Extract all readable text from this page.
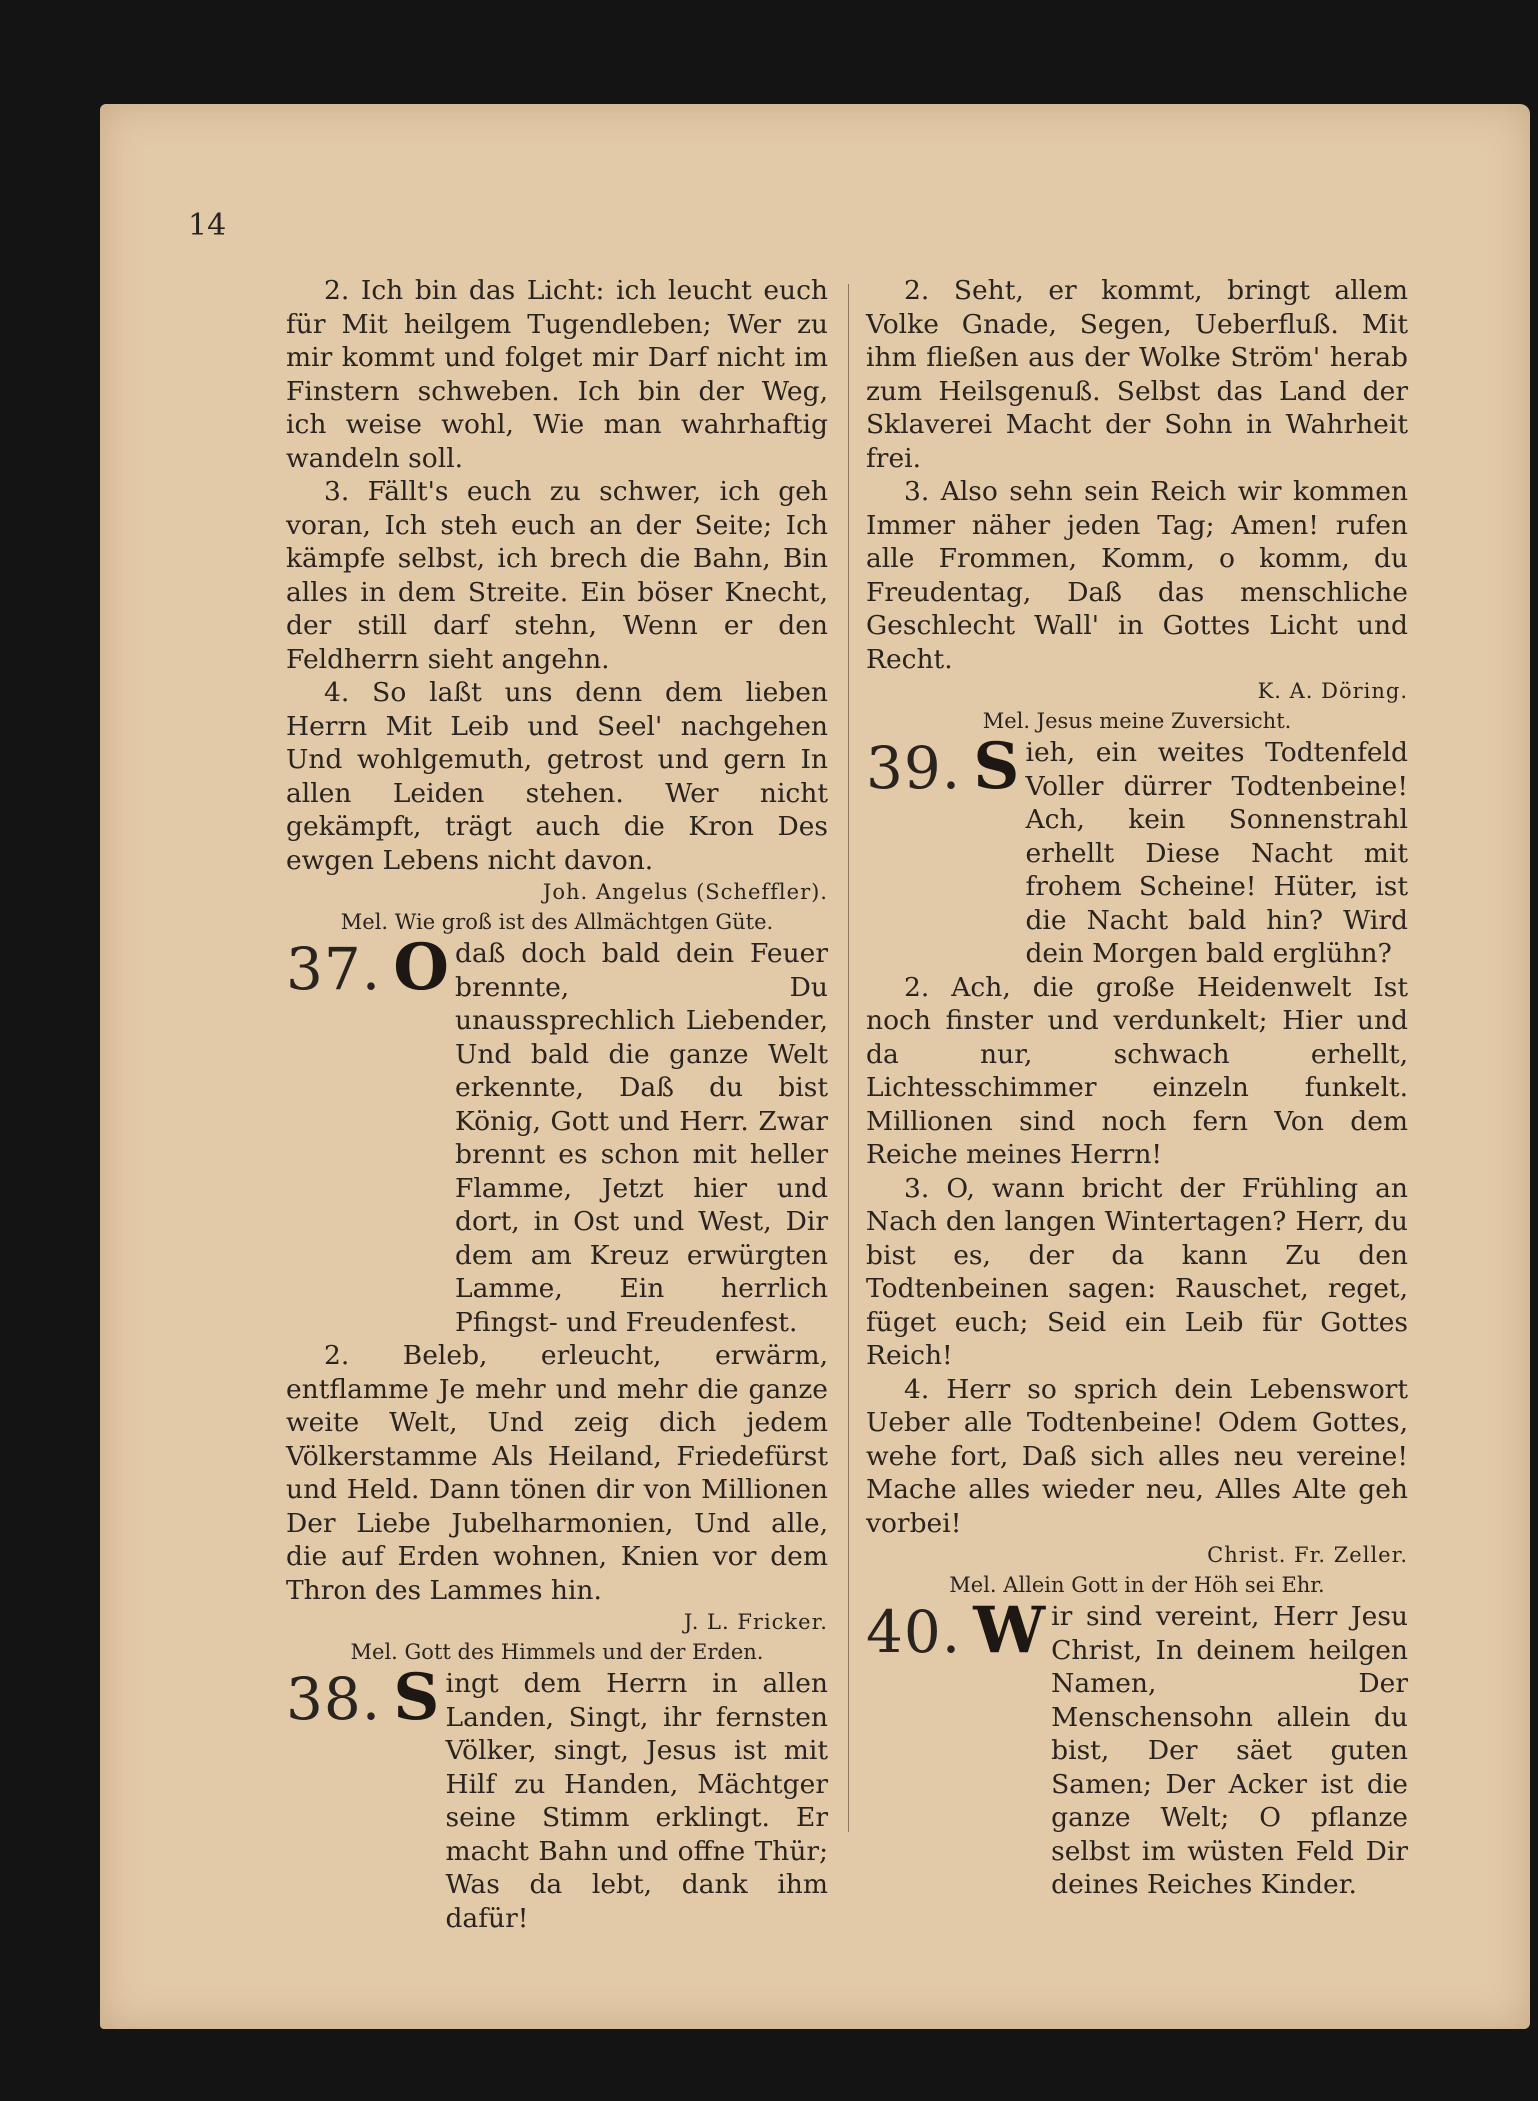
14

2. Ich bin das Licht: ich leucht euch für Mit heilgem Tugendleben; Wer zu mir kommt und folget mir Darf nicht im Finstern schweben. Ich bin der Weg, ich weise wohl, Wie man wahrhaftig wandeln soll.

3. Fällt's euch zu schwer, ich geh voran, Ich steh euch an der Seite; Ich kämpfe selbst, ich brech die Bahn, Bin alles in dem Streite. Ein böser Knecht, der still darf stehn, Wenn er den Feldherrn sieht angehn.

4. So laßt uns denn dem lieben Herrn Mit Leib und Seel' nachgehen Und wohlgemuth, getrost und gern In allen Leiden stehen. Wer nicht gekämpft, trägt auch die Kron Des ewgen Lebens nicht davon.

Joh. Angelus (Scheffler).

Mel. Wie groß ist des Allmächtgen Güte.

37. O daß doch bald dein Feuer brennte, Du unaussprechlich Liebender, Und bald die ganze Welt erkennte, Daß du bist König, Gott und Herr. Zwar brennt es schon mit heller Flamme, Jetzt hier und dort, in Ost und West, Dir dem am Kreuz erwürgten Lamme, Ein herrlich Pfingst- und Freudenfest.

2. Beleb, erleucht, erwärm, entflamme Je mehr und mehr die ganze weite Welt, Und zeig dich jedem Völkerstamme Als Heiland, Friedefürst und Held. Dann tönen dir von Millionen Der Liebe Jubelharmonien, Und alle, die auf Erden wohnen, Knien vor dem Thron des Lammes hin.

J. L. Fricker.

Mel. Gott des Himmels und der Erden.

38. S ingt dem Herrn in allen Landen, Singt, ihr fernsten Völker, singt, Jesus ist mit Hilf zu Handen, Mächtger seine Stimm erklingt. Er macht Bahn und offne Thür; Was da lebt, dank ihm dafür!

2. Seht, er kommt, bringt allem Volke Gnade, Segen, Ueberfluß. Mit ihm fließen aus der Wolke Ström' herab zum Heilsgenuß. Selbst das Land der Sklaverei Macht der Sohn in Wahrheit frei.

3. Also sehn sein Reich wir kommen Immer näher jeden Tag; Amen! rufen alle Frommen, Komm, o komm, du Freudentag, Daß das menschliche Geschlecht Wall' in Gottes Licht und Recht.

K. A. Döring.

Mel. Jesus meine Zuversicht.

39. S ieh, ein weites Todtenfeld Voller dürrer Todtenbeine! Ach, kein Sonnenstrahl erhellt Diese Nacht mit frohem Scheine! Hüter, ist die Nacht bald hin? Wird dein Morgen bald erglühn?

2. Ach, die große Heidenwelt Ist noch finster und verdunkelt; Hier und da nur, schwach erhellt, Lichtesschimmer einzeln funkelt. Millionen sind noch fern Von dem Reiche meines Herrn!

3. O, wann bricht der Frühling an Nach den langen Wintertagen? Herr, du bist es, der da kann Zu den Todtenbeinen sagen: Rauschet, reget, füget euch; Seid ein Leib für Gottes Reich!

4. Herr so sprich dein Lebenswort Ueber alle Todtenbeine! Odem Gottes, wehe fort, Daß sich alles neu vereine! Mache alles wieder neu, Alles Alte geh vorbei!

Christ. Fr. Zeller.

Mel. Allein Gott in der Höh sei Ehr.

40. W ir sind vereint, Herr Jesu Christ, In deinem heilgen Namen, Der Menschensohn allein du bist, Der säet guten Samen; Der Acker ist die ganze Welt; O pflanze selbst im wüsten Feld Dir deines Reiches Kinder.
